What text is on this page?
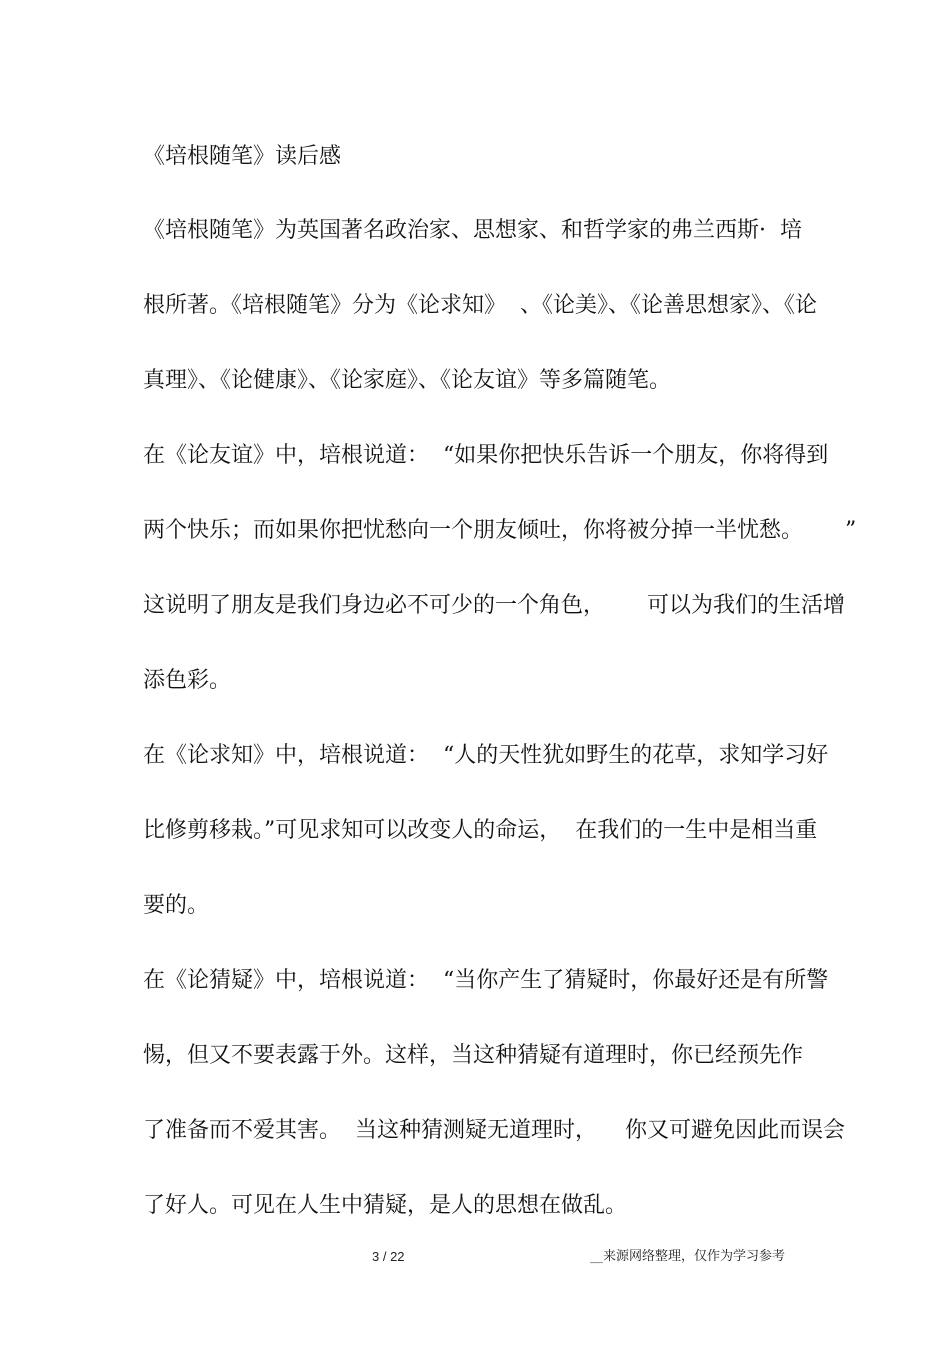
《培根随笔》读后感

《培根随笔》为英国著名政治家、思想家、和哲学家的弗兰西斯·  培

根所著。《培根随笔》分为《论求知》  、《论美》、《论善思想家》、《论

真理》、《论健康》、《论家庭》、《论友谊》等多篇随笔。

在《论友谊》中，培根说道：  “如果你把快乐告诉一个朋友，你将得到

两个快乐；而如果你把忧愁向一个朋友倾吐，你将被分掉一半忧愁。      ”

这说明了朋友是我们身边必不可少的一个角色，      可以为我们的生活增

添色彩。

在《论求知》中，培根说道：  “人的天性犹如野生的花草，求知学习好

比修剪移栽。”可见求知可以改变人的命运，  在我们的一生中是相当重

要的。

在《论猜疑》中，培根说道：  “当你产生了猜疑时，你最好还是有所警

惕，但又不要表露于外。这样，当这种猜疑有道理时，你已经预先作

了准备而不爱其害。  当这种猜测疑无道理时，    你又可避免因此而误会

了好人。可见在人生中猜疑，是人的思想在做乱。

3 / 22	__来源网络整理，仅作为学习参考
